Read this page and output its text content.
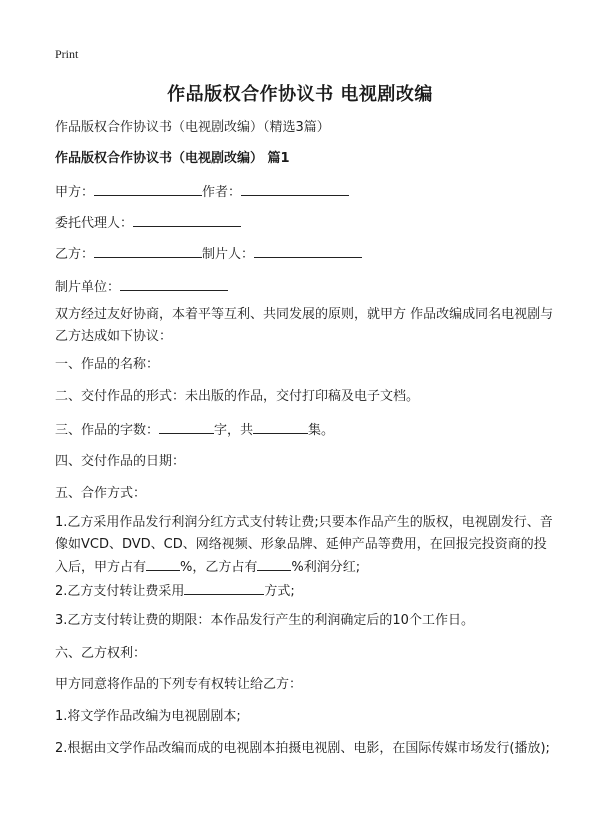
Print
作品版权合作协议书 电视剧改编
作品版权合作协议书（电视剧改编）（精选3篇）
作品版权合作协议书（电视剧改编） 篇1
甲方：	作者：
委托代理人：
乙方：	制片人：
制片单位：
双方经过友好协商，本着平等互利、共同发展的原则，就甲方 作品改编成同名电视剧与乙方达成如下协议：
一、作品的名称：
二、交付作品的形式：未出版的作品，交付打印稿及电子文档。
三、作品的字数：	字，共	集。
四、交付作品的日期：
五、合作方式：
1.乙方采用作品发行利润分红方式支付转让费;只要本作品产生的版权，电视剧发行、音像如VCD、DVD、CD、网络视频、形象品牌、延伸产品等费用，在回报完投资商的投入后，甲方占有	%，乙方占有	%利润分红;
2.乙方支付转让费采用	方式;
3.乙方支付转让费的期限：本作品发行产生的利润确定后的10个工作日。
六、乙方权利：
甲方同意将作品的下列专有权转让给乙方：
1.将文学作品改编为电视剧剧本;
2.根据由文学作品改编而成的电视剧本拍摄电视剧、电影，在国际传媒市场发行(播放);
